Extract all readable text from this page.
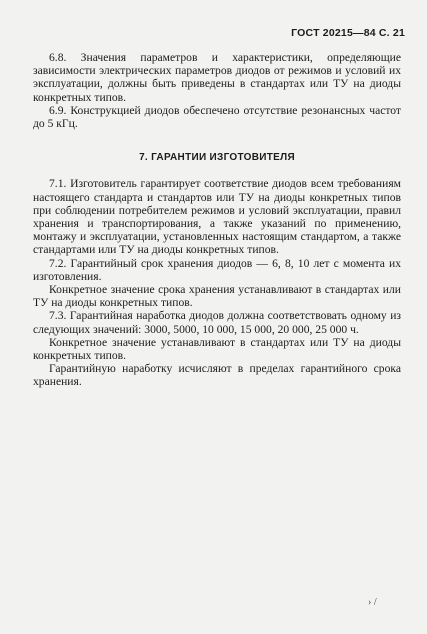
ГОСТ 20215—84 С. 21

6.8. Значения параметров и характеристики, определяющие зависимости электрических параметров диодов от режимов и условий их эксплуатации, должны быть приведены в стандартах или ТУ на диоды конкретных типов.

6.9. Конструкцией диодов обеспечено отсутствие резонансных частот до 5 кГц.

7. ГАРАНТИИ ИЗГОТОВИТЕЛЯ

7.1. Изготовитель гарантирует соответствие диодов всем требованиям настоящего стандарта и стандартов или ТУ на диоды конкретных типов при соблюдении потребителем режимов и условий эксплуатации, правил хранения и транспортирования, а также указаний по применению, монтажу и эксплуатации, установленных настоящим стандартом, а также стандартами или ТУ на диоды конкретных типов.

7.2. Гарантийный срок хранения диодов — 6, 8, 10 лет с момента их изготовления.

Конкретное значение срока хранения устанавливают в стандартах или ТУ на диоды конкретных типов.

7.3. Гарантийная наработка диодов должна соответствовать одному из следующих значений: 3000, 5000, 10 000, 15 000, 20 000, 25 000 ч.

Конкретное значение устанавливают в стандартах или ТУ на диоды конкретных типов.

Гарантийную наработку исчисляют в пределах гарантийного срока хранения.

› /
